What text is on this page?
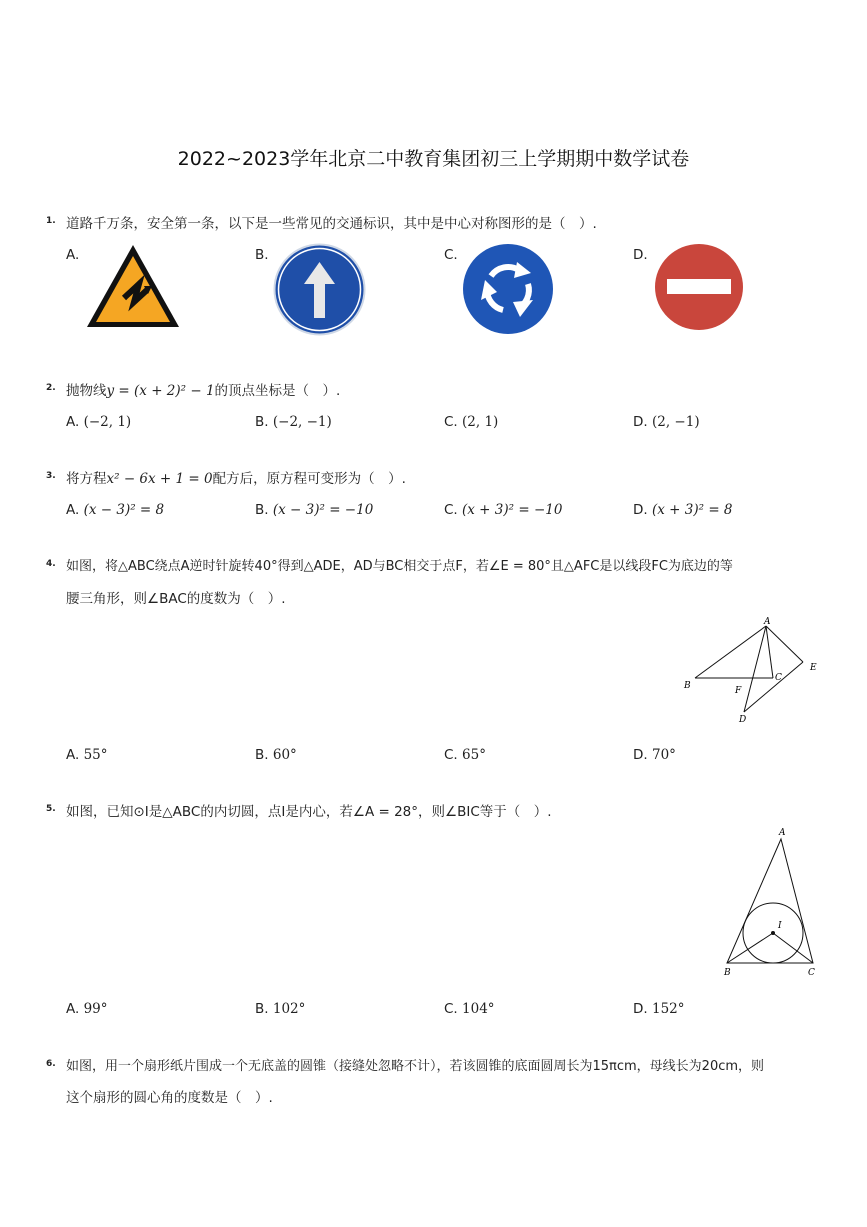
2022~2023学年北京二中教育集团初三上学期期中数学试卷
1. 道路千万条，安全第一条，以下是一些常见的交通标识，其中是中心对称图形的是（　）.
A.	B.	C.	D.
2. 抛物线y = (x + 2)² − 1的顶点坐标是（　）.
A. (−2, 1)	B. (−2, −1)	C. (2, 1)	D. (2, −1)
3. 将方程x² − 6x + 1 = 0配方后，原方程可变形为（　）.
A. (x − 3)² = 8	B. (x − 3)² = −10	C. (x + 3)² = −10	D. (x + 3)² = 8
4. 如图，将△ABC绕点A逆时针旋转40°得到△ADE，AD与BC相交于点F，若∠E = 80°且△AFC是以线段FC为底边的等
腰三角形，则∠BAC的度数为（　）.
A
B
C
D
E
F
A. 55°	B. 60°	C. 65°	D. 70°
5. 如图，已知⊙I是△ABC的内切圆，点I是内心，若∠A = 28°，则∠BIC等于（　）.
A
B	C
I
A. 99°	B. 102°	C. 104°	D. 152°
6. 如图，用一个扇形纸片围成一个无底盖的圆锥（接缝处忽略不计），若该圆锥的底面圆周长为15πcm，母线长为20cm，则
这个扇形的圆心角的度数是（　）.
